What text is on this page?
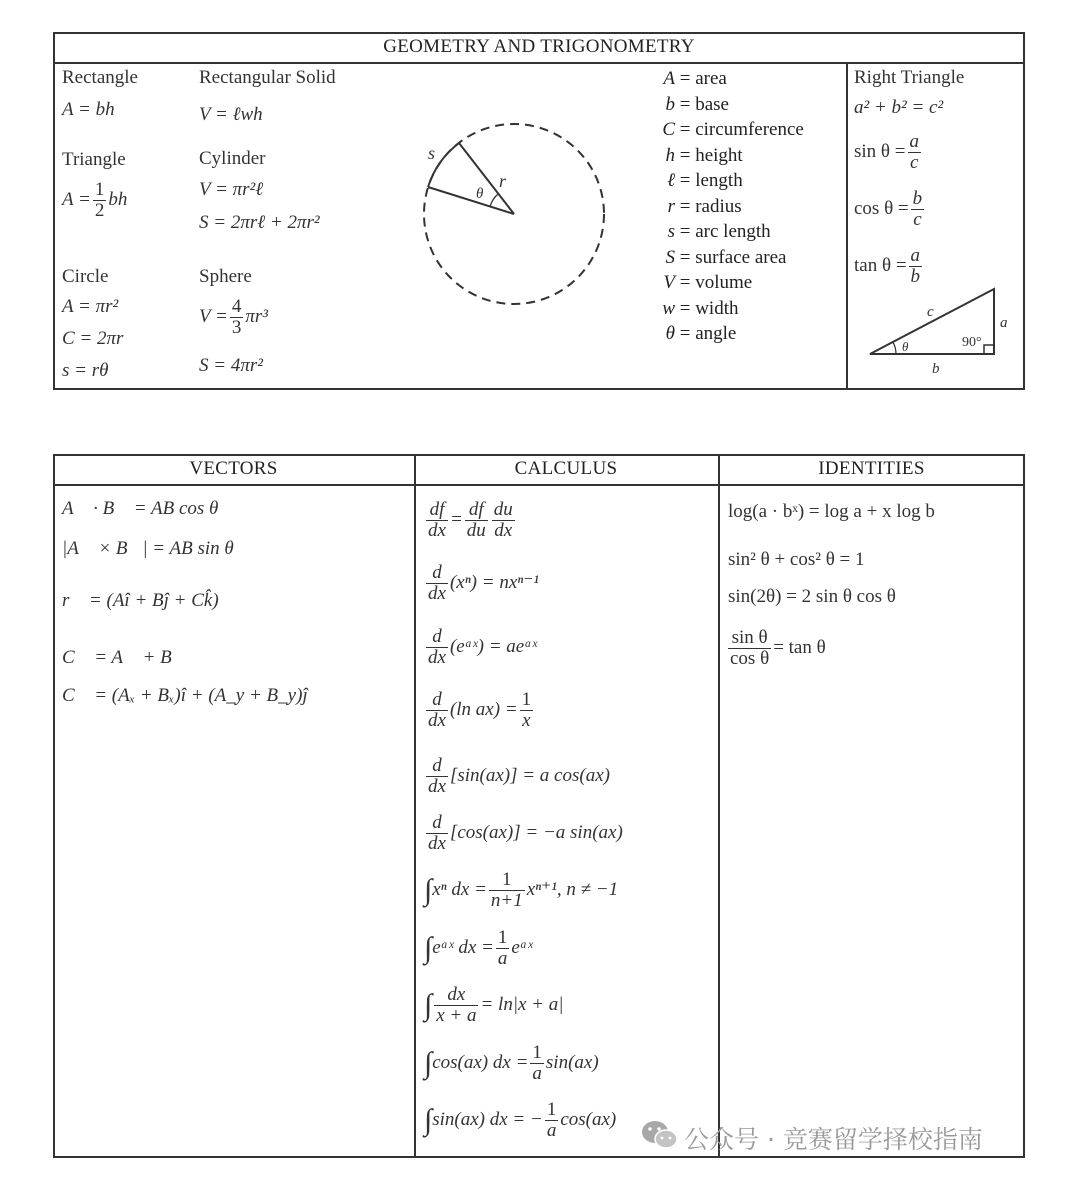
GEOMETRY AND TRIGONOMETRY
Rectangle
A = bh
Triangle
$A = \frac{1}{2}$ bh
Circle
A = πr²
C = 2πr
s = rθ
Rectangular Solid
V = ℓwh
Cylinder
V = πr²ℓ
S = 2πrℓ + 2πr²
Sphere
$V = \frac{4}{3} \pi r^3$
S = 4πr²
s
r
θ
A = area
b = base
C = circumference
h = height
ℓ = length
r = radius
s = arc length
S = surface area
V = volume
w = width
θ = angle
Right Triangle
a² + b² = c²
$\sin \theta = \frac{a}{c}$
$\cos \theta = \frac{b}{c}$
$\tan \theta = \frac{a}{b}$
c
a
b
θ	90°
VECTORS	CALCULUS	IDENTITIES
A⃗ · B⃗ = AB cos θ
|A⃗ × B⃗| = AB sin θ
r⃗ = (Aî + Bĵ + Ck̂)
C⃗ = A⃗ + B⃗
C⃗ = (Aₓ + Bₓ)î + (A_y + B_y)ĵ
$\frac{df}{dx} = \frac{df}{du} \frac{du}{dx}$
$\frac{d}{dx} (x^n) = nx^{n-1}$
$\frac{d}{dx}$ (eᵃˣ) = aeᵃˣ
$\frac{d}{dx} (\ln$ $ax) = \frac{1}{x}$
$\frac{d}{dx} [\sin(ax)] = a$ cos(ax)
$\frac{d}{dx} [\cos(ax)] = -a$ sin(ax)
∫xⁿ dx = $\frac{1}{n+1} x^{n+1}$, n ≠ −1
∫eᵃˣ dx = $\frac{1}{a}$ eᵃˣ
∫ $\frac{dx}{x + a} = \ln|x + a|$
∫cos(ax) dx = $\frac{1}{a} \sin(ax)$
∫sin(ax) dx = − $\frac{1}{a} \cos(ax)$
log(a · bˣ) = log a + x log b
sin² θ + cos² θ = 1
sin(2θ) = 2 sin θ cos θ
$\frac{\text{sin θ}}{\text{cos θ}} = \tan \theta$
公众号 · 竞赛留学择校指南
